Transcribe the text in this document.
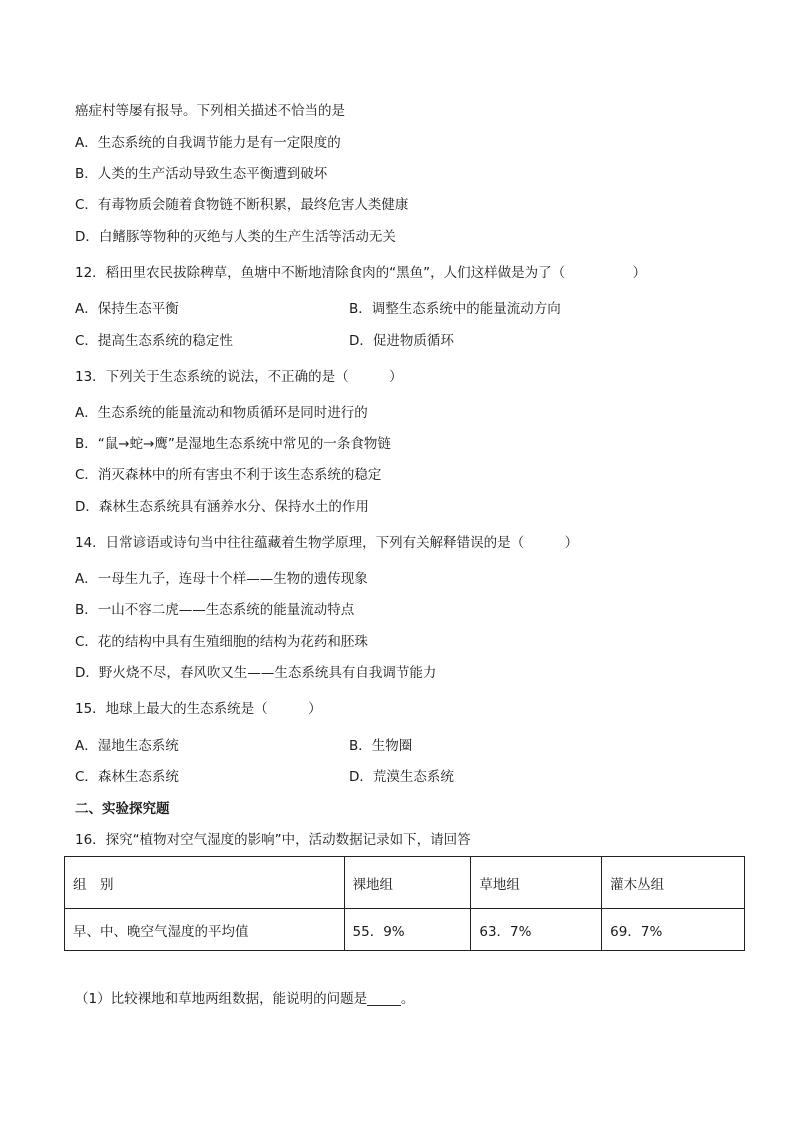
癌症村等屡有报导。下列相关描述不恰当的是
A．生态系统的自我调节能力是有一定限度的
B．人类的生产活动导致生态平衡遭到破坏
C．有毒物质会随着食物链不断积累，最终危害人类健康
D．白鳍豚等物种的灭绝与人类的生产生活等活动无关
12．稻田里农民拔除稗草，鱼塘中不断地清除食肉的“黑鱼”，人们这样做是为了（　　　　　）
A．保持生态平衡	B．调整生态系统中的能量流动方向
C．提高生态系统的稳定性	D．促进物质循环
13．下列关于生态系统的说法，不正确的是（　　　）
A．生态系统的能量流动和物质循环是同时进行的
B．“鼠→蛇→鹰”是湿地生态系统中常见的一条食物链
C．消灭森林中的所有害虫不利于该生态系统的稳定
D．森林生态系统具有涵养水分、保持水土的作用
14．日常谚语或诗句当中往往蕴藏着生物学原理，下列有关解释错误的是（　　　）
A．一母生九子，连母十个样——生物的遗传现象
B．一山不容二虎——生态系统的能量流动特点
C．花的结构中具有生殖细胞的结构为花药和胚珠
D．野火烧不尽，春风吹又生——生态系统具有自我调节能力
15．地球上最大的生态系统是（　　　）
A．湿地生态系统	B．生物圈
C．森林生态系统	D．荒漠生态系统
二、实验探究题
16．探究“植物对空气湿度的影响”中，活动数据记录如下，请回答
组　别	裸地组	草地组	灌木丛组
早、中、晚空气湿度的平均值	55．9%	63．7%	69．7%
（1）比较裸地和草地两组数据，能说明的问题是_____。
